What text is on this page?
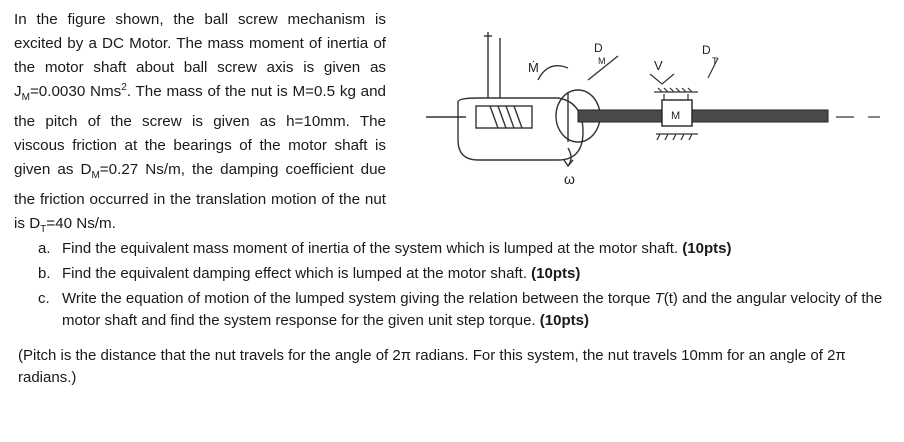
In the figure shown, the ball screw mechanism is excited by a DC Motor. The mass moment of inertia of the motor shaft about ball screw axis is given as $J_M=0.0030$ Nms$^2$. The mass of the nut is M=0.5 kg and the pitch of the screw is given as h=10mm. The viscous friction at the bearings of the motor shaft is given as $D_M=0.27$ Ns/m, the damping coefficient due the friction occurred in the translation motion of the nut is $D_T=40$ Ns/m.
Ṁ
D
M	V
D
T
M
ω
a. Find the equivalent mass moment of inertia of the system which is lumped at the motor shaft. (10pts)
b. Find the equivalent damping effect which is lumped at the motor shaft. (10pts)
c. Write the equation of motion of the lumped system giving the relation between the torque T(t) and the angular velocity of the motor shaft and find the system response for the given unit step torque. (10pts)
(Pitch is the distance that the nut travels for the angle of 2π radians. For this system, the nut travels 10mm for an angle of 2π radians.)
